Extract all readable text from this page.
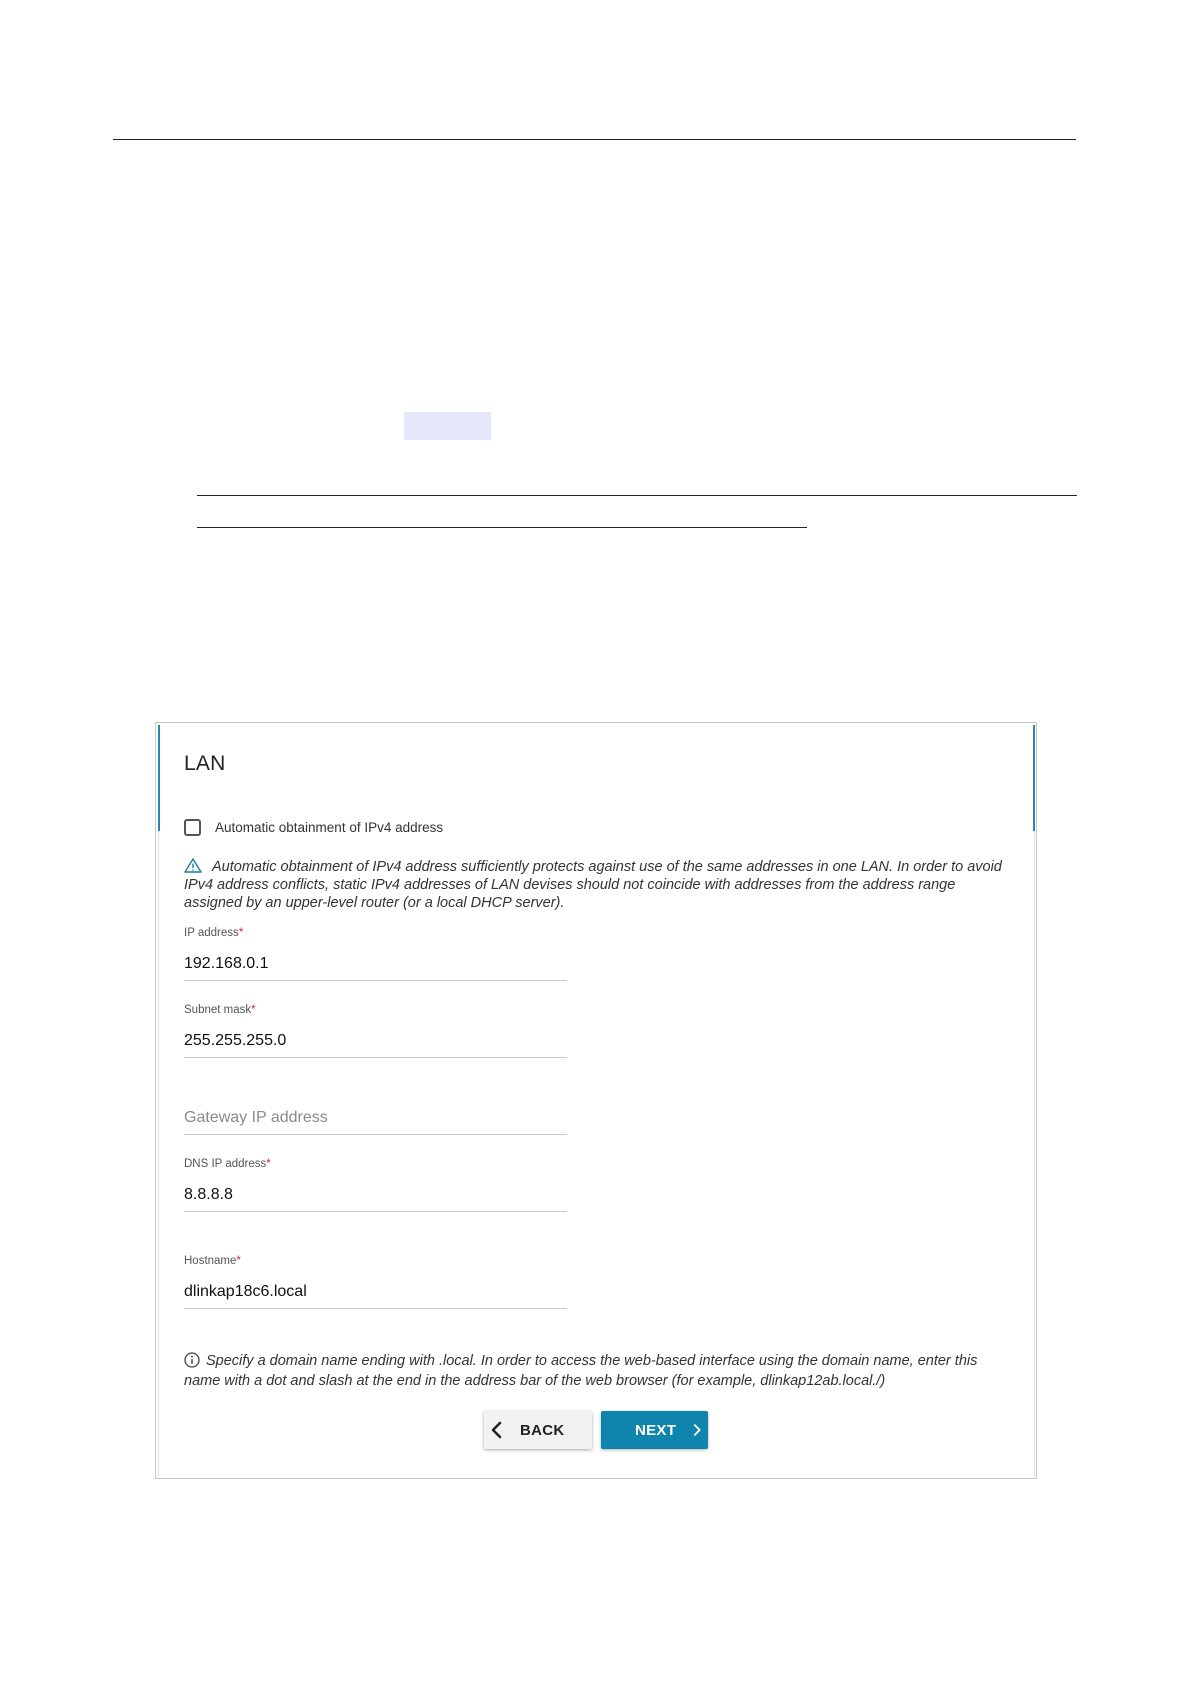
LAN
Automatic obtainment of IPv4 address
Automatic obtainment of IPv4 address sufficiently protects against use of the same addresses in one LAN. In order to avoid IPv4 address conflicts, static IPv4 addresses of LAN devises should not coincide with addresses from the address range assigned by an upper-level router (or a local DHCP server).
IP address*
192.168.0.1
Subnet mask*
255.255.255.0
Gateway IP address
DNS IP address*
8.8.8.8
Hostname*
dlinkap18c6.local
Specify a domain name ending with .local. In order to access the web-based interface using the domain name, enter this name with a dot and slash at the end in the address bar of the web browser (for example, dlinkap12ab.local./)
BACK	NEXT
